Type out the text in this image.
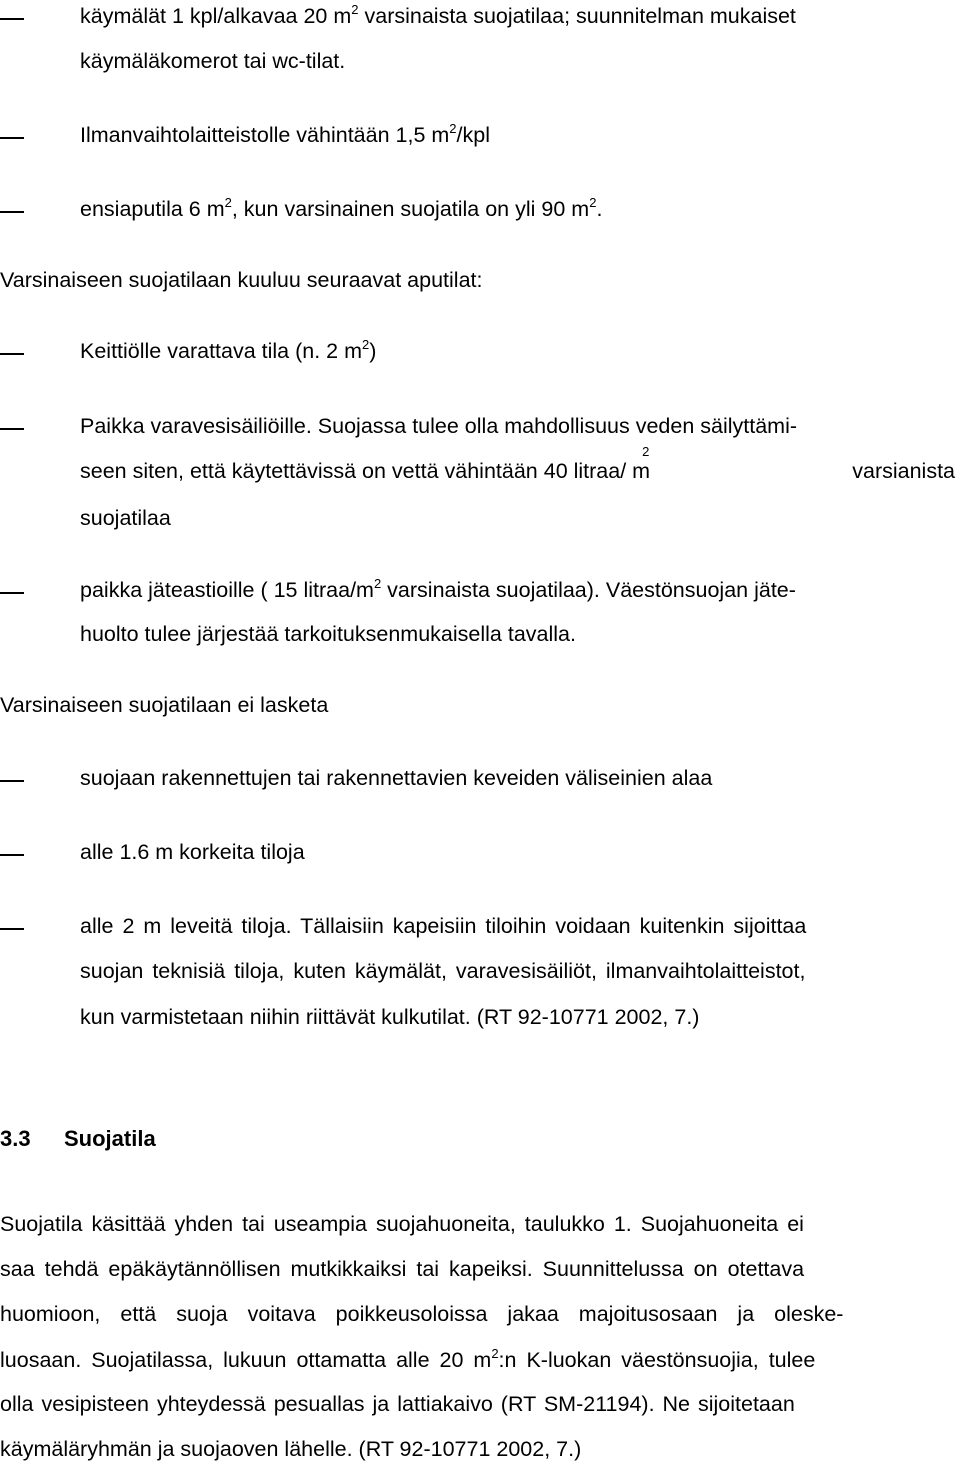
käymälät 1 kpl/alkavaa 20 $m^2$ varsinaista suojatilaa; suunnitelman mukaiset
käymäläkomerot tai wc-tilat.
Ilmanvaihtolaitteistolle vähintään 1,5 $m^2$/kpl
ensiaputila 6 $m^2$, kun varsinainen suojatila on yli 90 $m^2$.
Varsinaiseen suojatilaan kuuluu seuraavat aputilat:
Keittiölle varattava tila (n. 2 $m^2$)
Paikka varavesisäiliöille. Suojassa tulee olla mahdollisuus veden säilyttämi-
seen siten, että käytettävissä on vettä vähintään 40 litraa/ m
$^2$
varsianista
suojatilaa
paikka jäteastioille ( 15 litraa/$m^2$ varsinaista suojatilaa). Väestönsuojan jäte-
huolto tulee järjestää tarkoituksenmukaisella tavalla.
Varsinaiseen suojatilaan ei lasketa
suojaan rakennettujen tai rakennettavien keveiden väliseinien alaa
alle 1.6 m korkeita tiloja
alle 2 m leveitä tiloja. Tällaisiin kapeisiin tiloihin voidaan kuitenkin sijoittaa
suojan teknisiä tiloja, kuten käymälät, varavesisäiliöt, ilmanvaihtolaitteistot,
kun varmistetaan niihin riittävät kulkutilat. (RT 92-10771 2002, 7.)
3.3 Suojatila
Suojatila käsittää yhden tai useampia suojahuoneita, taulukko 1. Suojahuoneita ei
saa tehdä epäkäytännöllisen mutkikkaiksi tai kapeiksi. Suunnittelussa on otettava
huomioon, että suoja voitava poikkeusoloissa jakaa majoitusosaan ja oleske-
luosaan. Suojatilassa, lukuun ottamatta alle 20 $m^2:n$ K-luokan väestönsuojia, tulee
olla vesipisteen yhteydessä pesuallas ja lattiakaivo (RT SM-21194). Ne sijoitetaan
käymäläryhmän ja suojaoven lähelle. (RT 92-10771 2002, 7.)
